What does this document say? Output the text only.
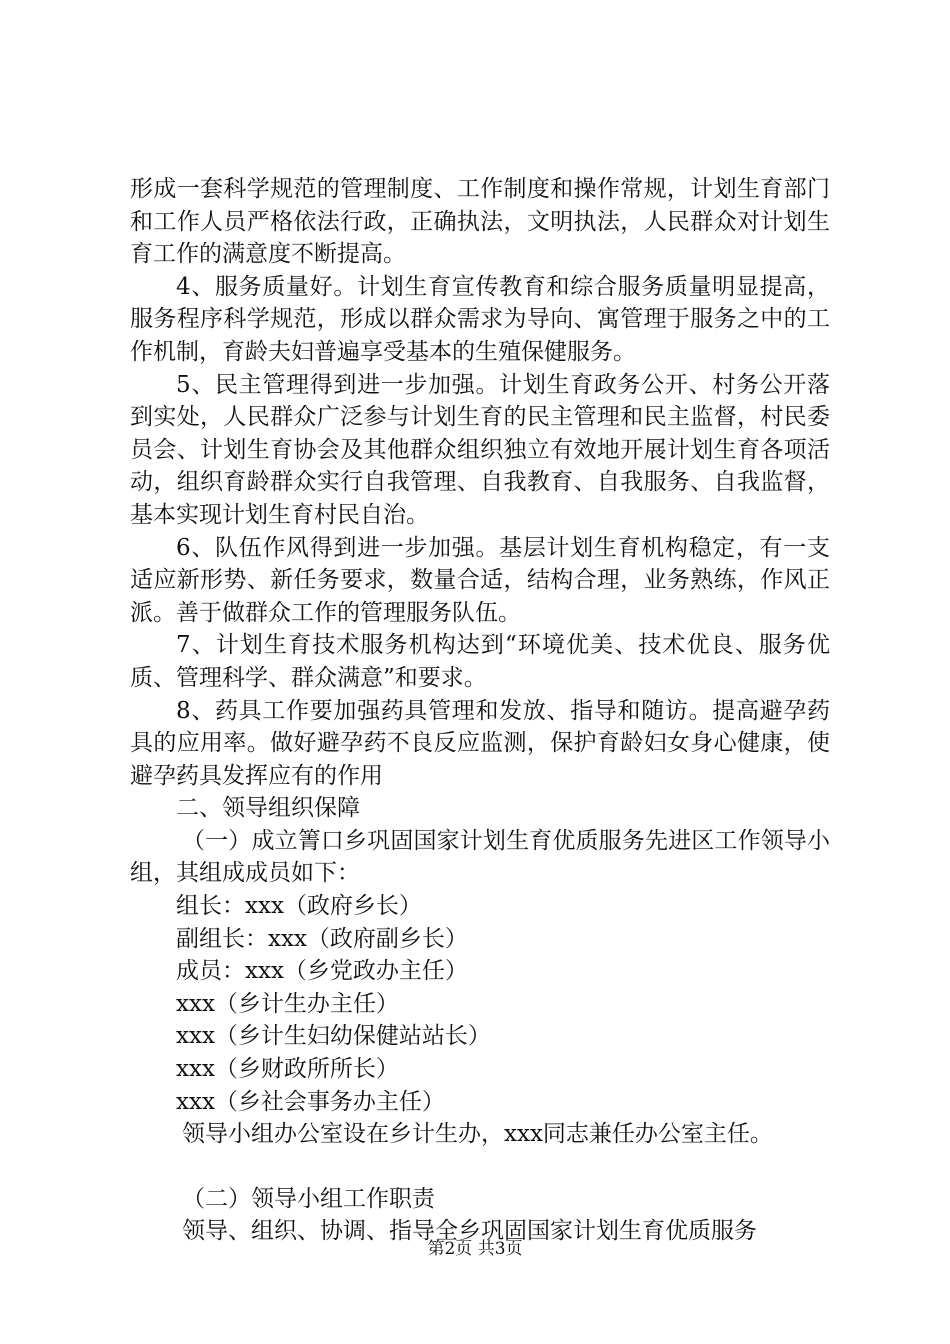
形成一套科学规范的管理制度、工作制度和操作常规，计划生育部门和工作人员严格依法行政，正确执法，文明执法，人民群众对计划生育工作的满意度不断提高。

4、服务质量好。计划生育宣传教育和综合服务质量明显提高，服务程序科学规范，形成以群众需求为导向、寓管理于服务之中的工作机制，育龄夫妇普遍享受基本的生殖保健服务。

5、民主管理得到进一步加强。计划生育政务公开、村务公开落到实处，人民群众广泛参与计划生育的民主管理和民主监督，村民委员会、计划生育协会及其他群众组织独立有效地开展计划生育各项活动，组织育龄群众实行自我管理、自我教育、自我服务、自我监督，基本实现计划生育村民自治。

6、队伍作风得到进一步加强。基层计划生育机构稳定，有一支适应新形势、新任务要求，数量合适，结构合理，业务熟练，作风正派。善于做群众工作的管理服务队伍。

7、计划生育技术服务机构达到“环境优美、技术优良、服务优质、管理科学、群众满意”和要求。

8、药具工作要加强药具管理和发放、指导和随访。提高避孕药具的应用率。做好避孕药不良反应监测，保护育龄妇女身心健康，使避孕药具发挥应有的作用

二、领导组织保障

（一）成立箐口乡巩固国家计划生育优质服务先进区工作领导小组，其组成成员如下：

组长：xxx（政府乡长）

副组长：xxx（政府副乡长）

成员：xxx（乡党政办主任）

xxx（乡计生办主任）

xxx（乡计生妇幼保健站站长）

xxx（乡财政所所长）

xxx（乡社会事务办主任）

领导小组办公室设在乡计生办，xxx同志兼任办公室主任。

（二）领导小组工作职责

领导、组织、协调、指导全乡巩固国家计划生育优质服务

第2页 共3页
